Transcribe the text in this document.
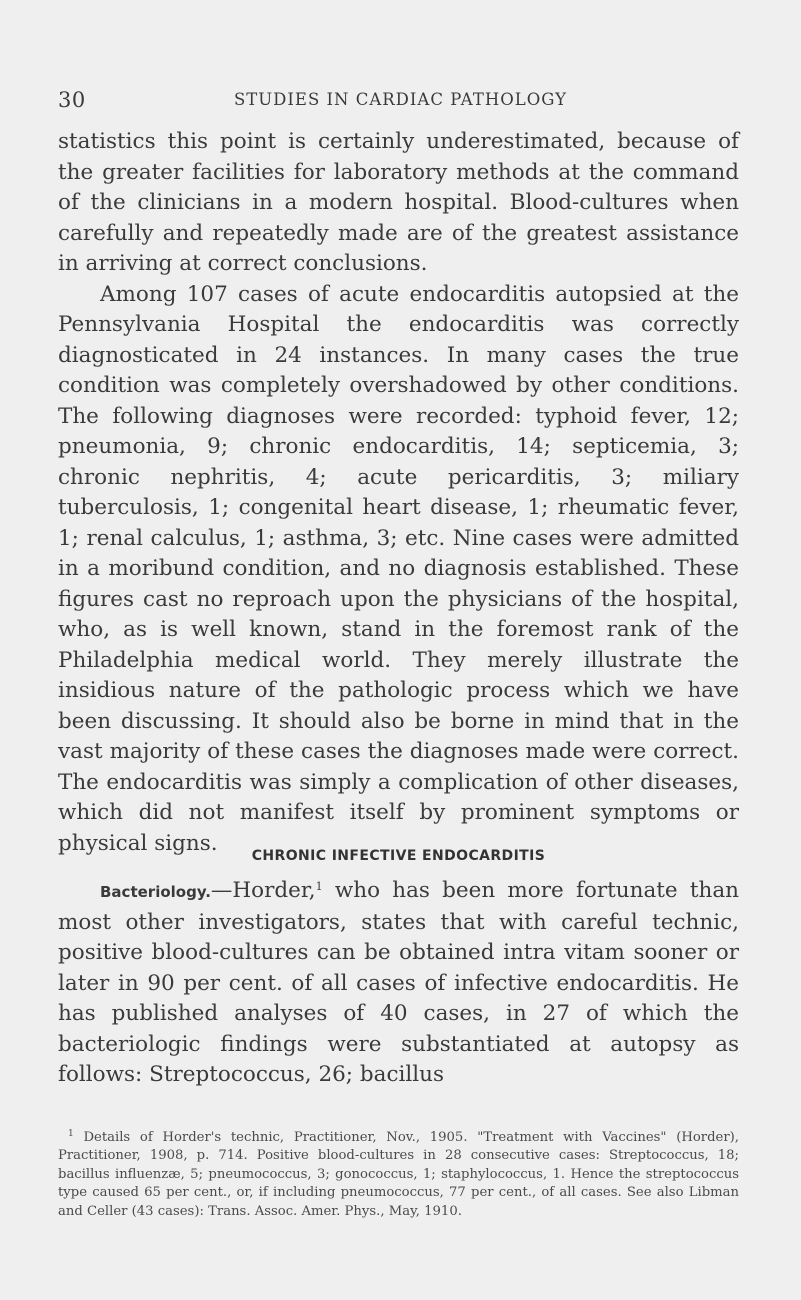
30	STUDIES IN CARDIAC PATHOLOGY

statistics this point is certainly underestimated, because of the greater facilities for laboratory methods at the command of the clinicians in a modern hospital. Blood-cultures when carefully and repeatedly made are of the greatest assistance in arriving at correct conclusions.

Among 107 cases of acute endocarditis autopsied at the Pennsylvania Hospital the endocarditis was correctly diagnosticated in 24 instances. In many cases the true condition was completely overshadowed by other conditions. The following diagnoses were recorded: typhoid fever, 12; pneumonia, 9; chronic endocarditis, 14; septicemia, 3; chronic nephritis, 4; acute pericarditis, 3; miliary tuberculosis, 1; congenital heart disease, 1; rheumatic fever, 1; renal calculus, 1; asthma, 3; etc. Nine cases were admitted in a moribund condition, and no diagnosis established. These figures cast no reproach upon the physicians of the hospital, who, as is well known, stand in the foremost rank of the Philadelphia medical world. They merely illustrate the insidious nature of the pathologic process which we have been discussing. It should also be borne in mind that in the vast majority of these cases the diagnoses made were correct. The endocarditis was simply a complication of other diseases, which did not manifest itself by prominent symptoms or physical signs.

CHRONIC INFECTIVE ENDOCARDITIS

Bacteriology.—Horder,$^1$ who has been more fortunate than most other investigators, states that with careful technic, positive blood-cultures can be obtained intra vitam sooner or later in 90 per cent. of all cases of infective endocarditis. He has published analyses of 40 cases, in 27 of which the bacteriologic findings were substantiated at autopsy as follows: Streptococcus, 26; bacillus

$^1$ Details of Horder's technic, Practitioner, Nov., 1905. "Treatment with Vaccines" (Horder), Practitioner, 1908, p. 714. Positive blood-cultures in 28 consecutive cases: Streptococcus, 18; bacillus influenzæ, 5; pneumococcus, 3; gonococcus, 1; staphylococcus, 1. Hence the streptococcus type caused 65 per cent., or, if including pneumococcus, 77 per cent., of all cases. See also Libman and Celler (43 cases): Trans. Assoc. Amer. Phys., May, 1910.
